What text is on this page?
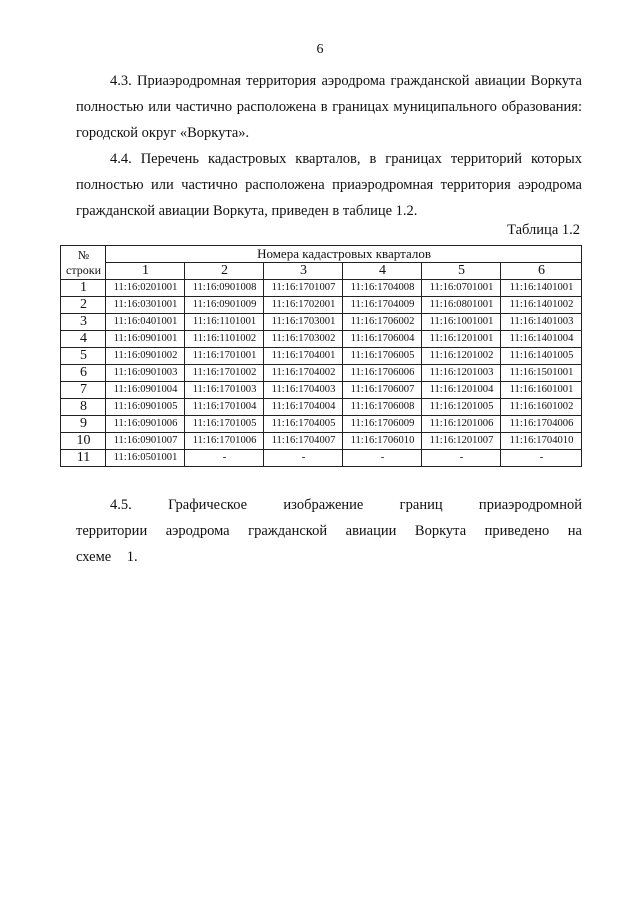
6

4.3. Приаэродромная территория аэродрома гражданской авиации Воркута полностью или частично расположена в границах муниципального образования: городской округ «Воркута».

4.4. Перечень кадастровых кварталов, в границах территорий которых полностью или частично расположена приаэродромная территория аэродрома гражданской авиации Воркута, приведен в таблице 1.2.

Таблица 1.2
№ строки	Номера кадастровых кварталов					
	1	2	3	4	5	6
1	11:16:0201001	11:16:0901008	11:16:1701007	11:16:1704008	11:16:0701001	11:16:1401001
2	11:16:0301001	11:16:0901009	11:16:1702001	11:16:1704009	11:16:0801001	11:16:1401002
3	11:16:0401001	11:16:1101001	11:16:1703001	11:16:1706002	11:16:1001001	11:16:1401003
4	11:16:0901001	11:16:1101002	11:16:1703002	11:16:1706004	11:16:1201001	11:16:1401004
5	11:16:0901002	11:16:1701001	11:16:1704001	11:16:1706005	11:16:1201002	11:16:1401005
6	11:16:0901003	11:16:1701002	11:16:1704002	11:16:1706006	11:16:1201003	11:16:1501001
7	11:16:0901004	11:16:1701003	11:16:1704003	11:16:1706007	11:16:1201004	11:16:1601001
8	11:16:0901005	11:16:1701004	11:16:1704004	11:16:1706008	11:16:1201005	11:16:1601002
9	11:16:0901006	11:16:1701005	11:16:1704005	11:16:1706009	11:16:1201006	11:16:1704006
10	11:16:0901007	11:16:1701006	11:16:1704007	11:16:1706010	11:16:1201007	11:16:1704010
11	11:16:0501001	-	-	-	-	-

4.5. Графическое изображение границ приаэродромной территории аэродрома гражданской авиации Воркута приведено на схеме 1.
